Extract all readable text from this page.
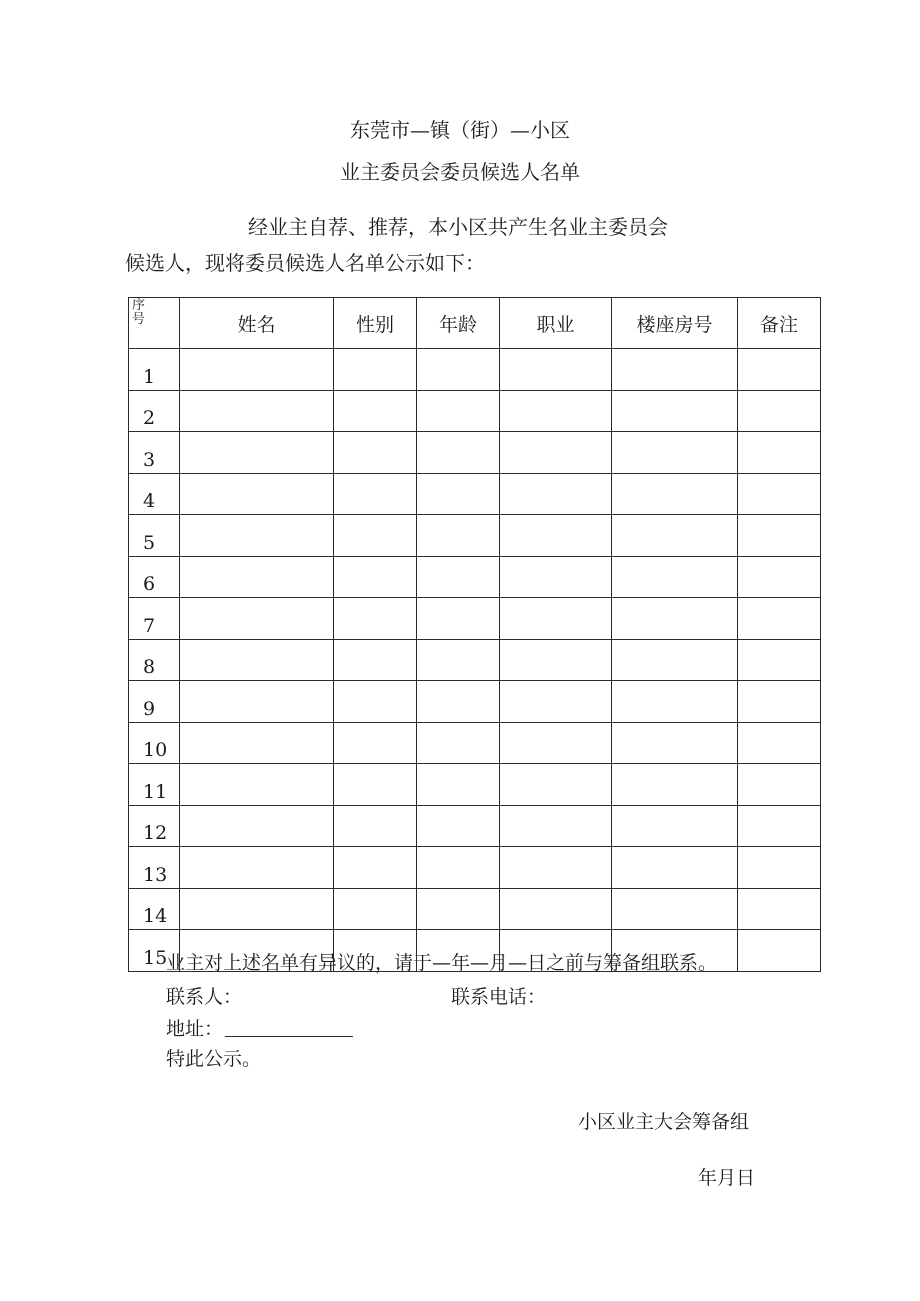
东莞市—镇（街）—小区
业主委员会委员候选人名单
经业主自荐、推荐，本小区共产生名业主委员会
候选人，现将委员候选人名单公示如下：
序号	姓名	性别	年龄	职业	楼座房号	备注
1						
2						
3						
4						
5						
6						
7						
8						
9						
10						
11						
12						
13						
14						
15						
业主对上述名单有异议的，请于—年—月—日之前与筹备组联系。
联系人：	联系电话：
地址：
特此公示。
小区业主大会筹备组
年月日
